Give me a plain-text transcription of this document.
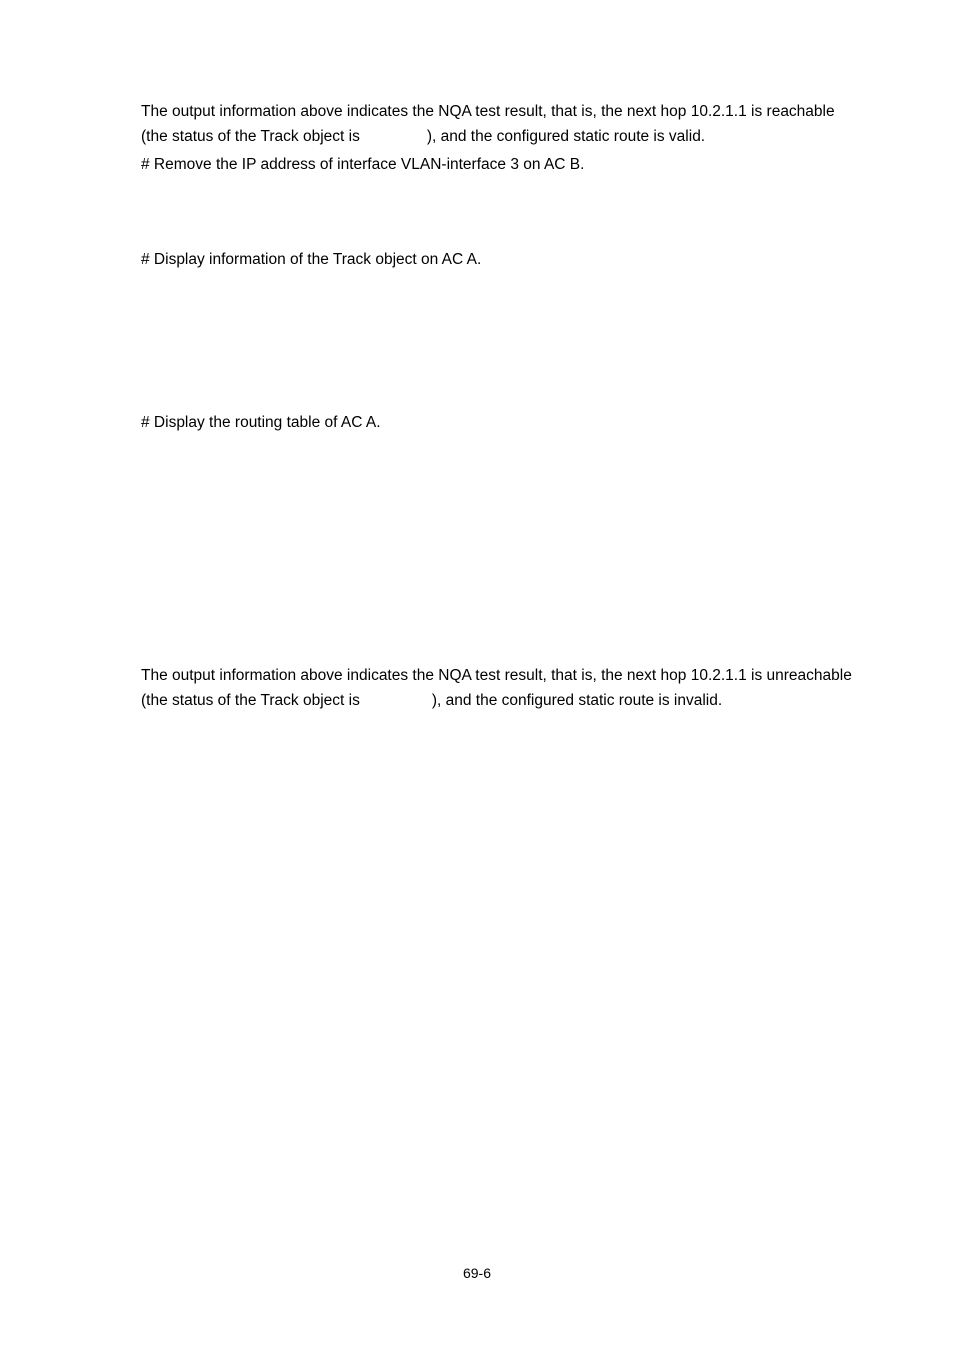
The output information above indicates the NQA test result, that is, the next hop 10.2.1.1 is reachable
(the status of the Track object is	), and the configured static route is valid.
# Remove the IP address of interface VLAN-interface 3 on AC B.
# Display information of the Track object on AC A.
# Display the routing table of AC A.
The output information above indicates the NQA test result, that is, the next hop 10.2.1.1 is unreachable
(the status of the Track object is	), and the configured static route is invalid.
69-6
